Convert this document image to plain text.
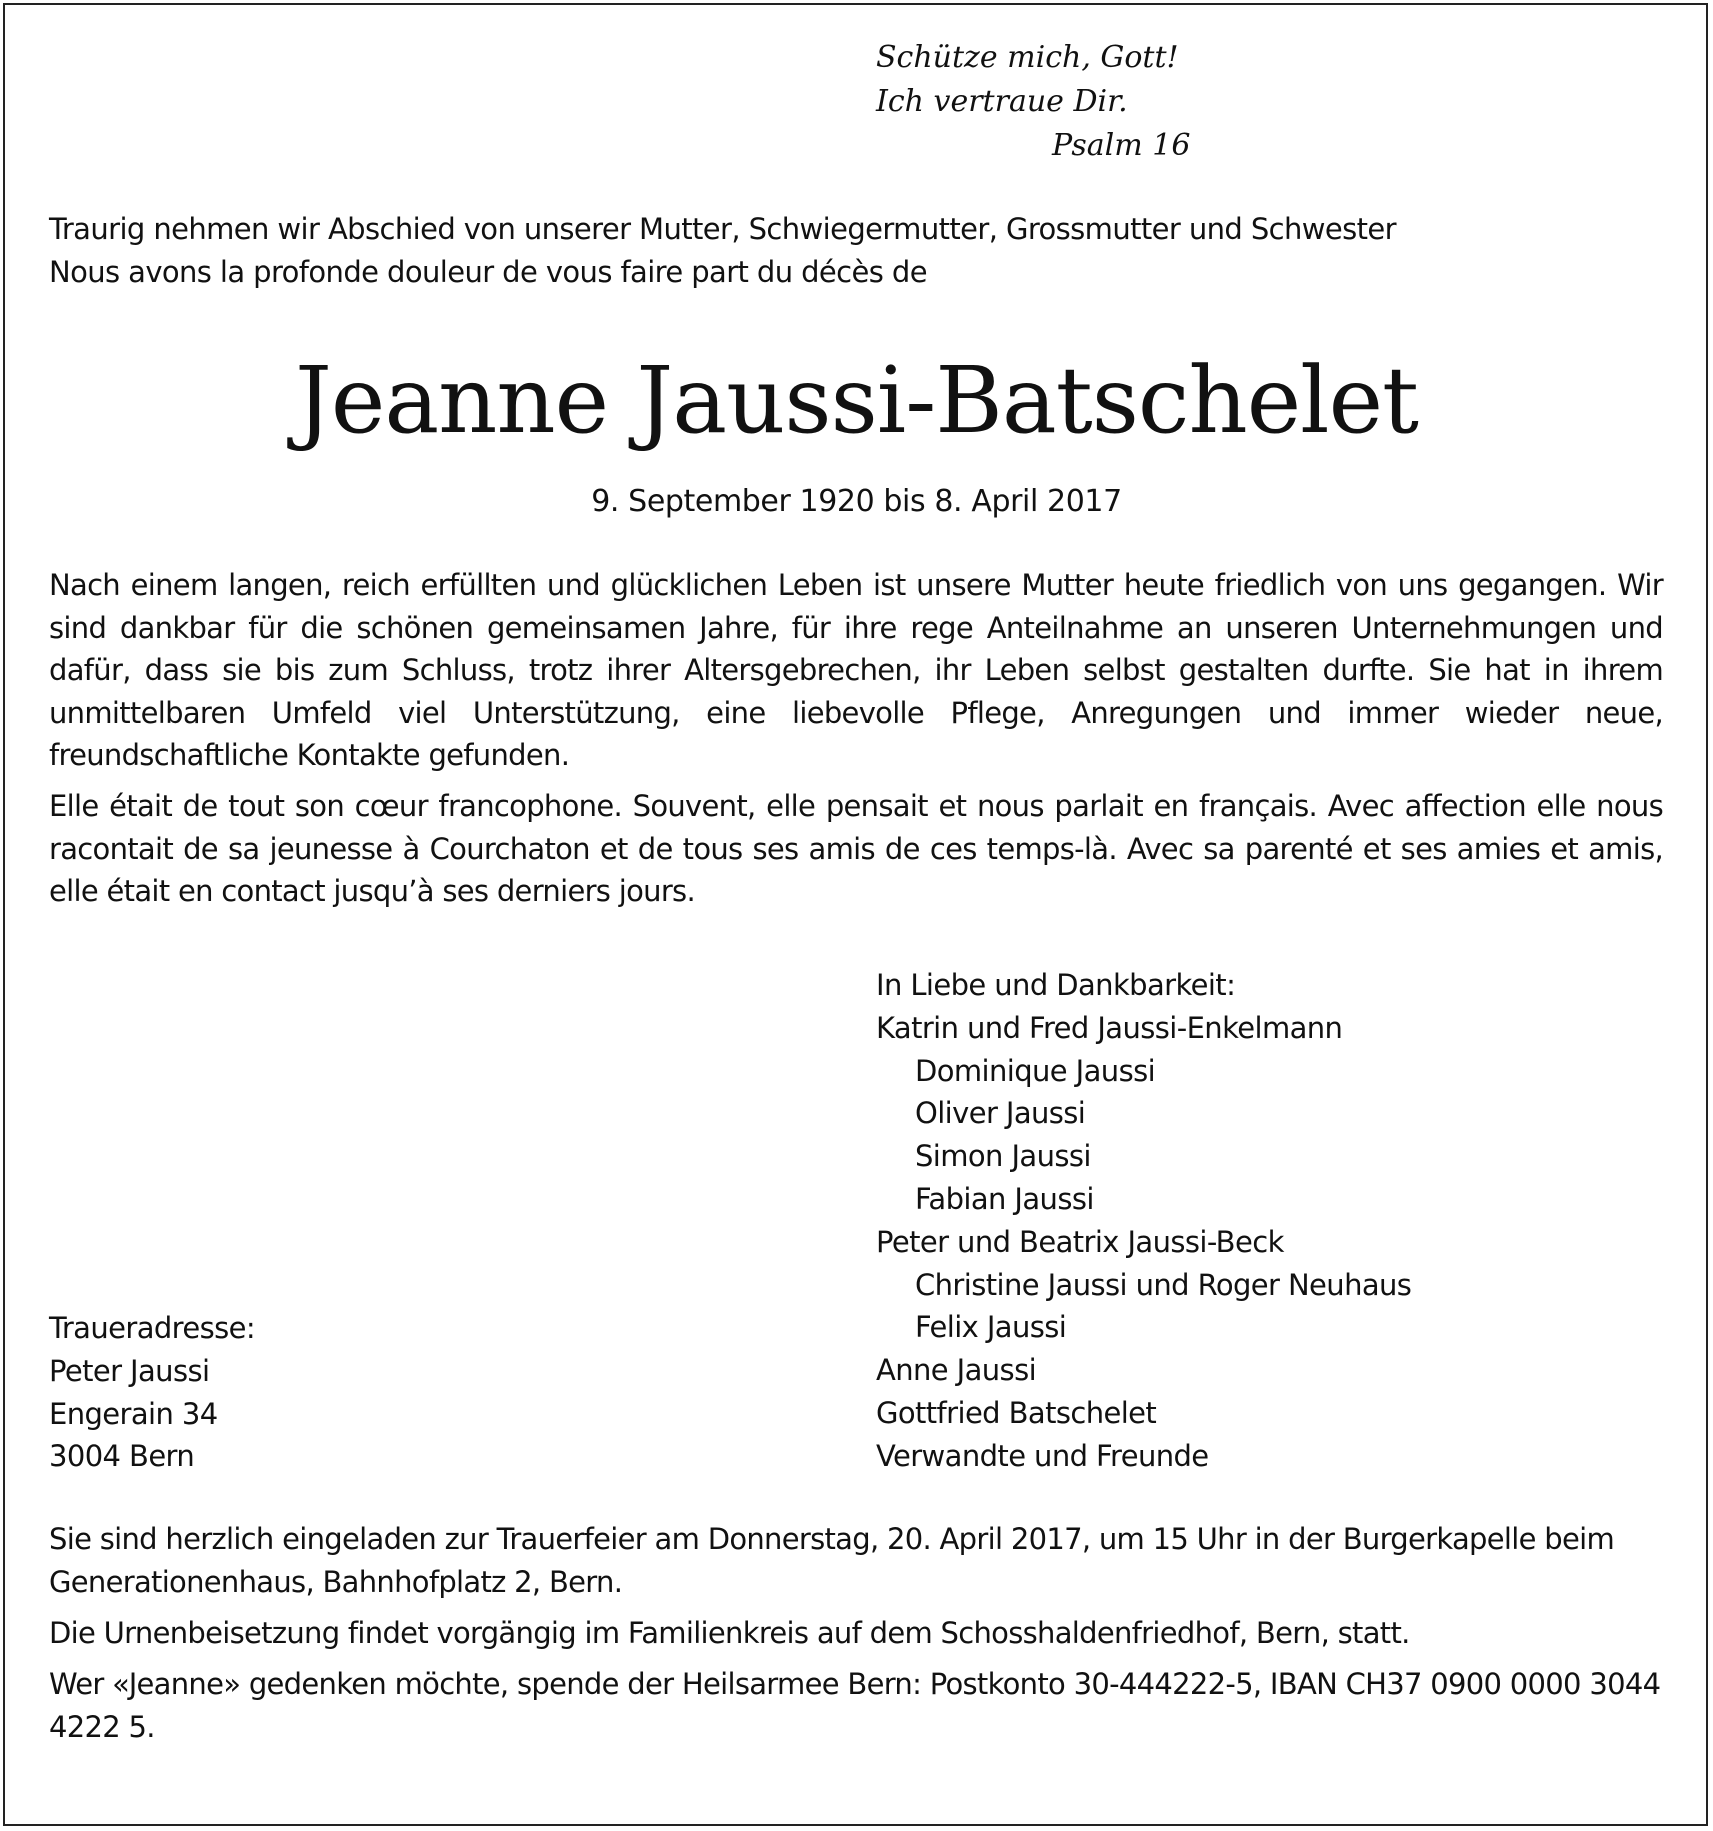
Schütze mich, Gott!
Ich vertraue Dir.
Psalm 16
Traurig nehmen wir Abschied von unserer Mutter, Schwiegermutter, Grossmutter und Schwester
Nous avons la profonde douleur de vous faire part du décès de
Jeanne Jaussi-Batschelet
9. September 1920 bis 8. April 2017

Nach einem langen, reich erfüllten und glücklichen Leben ist unsere Mutter heute friedlich von uns gegangen. Wir sind dankbar für die schönen gemeinsamen Jahre, für ihre rege Anteilnahme an unseren Unternehmungen und dafür, dass sie bis zum Schluss, trotz ihrer Altersgebrechen, ihr Leben selbst gestalten durfte. Sie hat in ihrem unmittelbaren Umfeld viel Unterstützung, eine liebevolle Pflege, Anregungen und immer wieder neue, freundschaftliche Kontakte gefunden.

Elle était de tout son cœur francophone. Souvent, elle pensait et nous parlait en français. Avec affection elle nous racontait de sa jeunesse à Courchaton et de tous ses amis de ces temps-là. Avec sa parenté et ses amies et amis, elle était en contact jusqu’à ses derniers jours.

In Liebe und Dankbarkeit:
Katrin und Fred Jaussi-Enkelmann
Dominique Jaussi
Oliver Jaussi
Simon Jaussi
Fabian Jaussi
Peter und Beatrix Jaussi-Beck
Christine Jaussi und Roger Neuhaus
Felix Jaussi
Anne Jaussi
Gottfried Batschelet
Verwandte und Freunde
Traueradresse:
Peter Jaussi
Engerain 34
3004 Bern

Sie sind herzlich eingeladen zur Trauerfeier am Donnerstag, 20. April 2017, um 15 Uhr in der Burgerkapelle beim Generationenhaus, Bahnhofplatz 2, Bern.

Die Urnenbeisetzung findet vorgängig im Familienkreis auf dem Schosshaldenfriedhof, Bern, statt.

Wer «Jeanne» gedenken möchte, spende der Heilsarmee Bern: Postkonto 30-444222-5, IBAN CH37 0900 0000 3044 4222 5.
